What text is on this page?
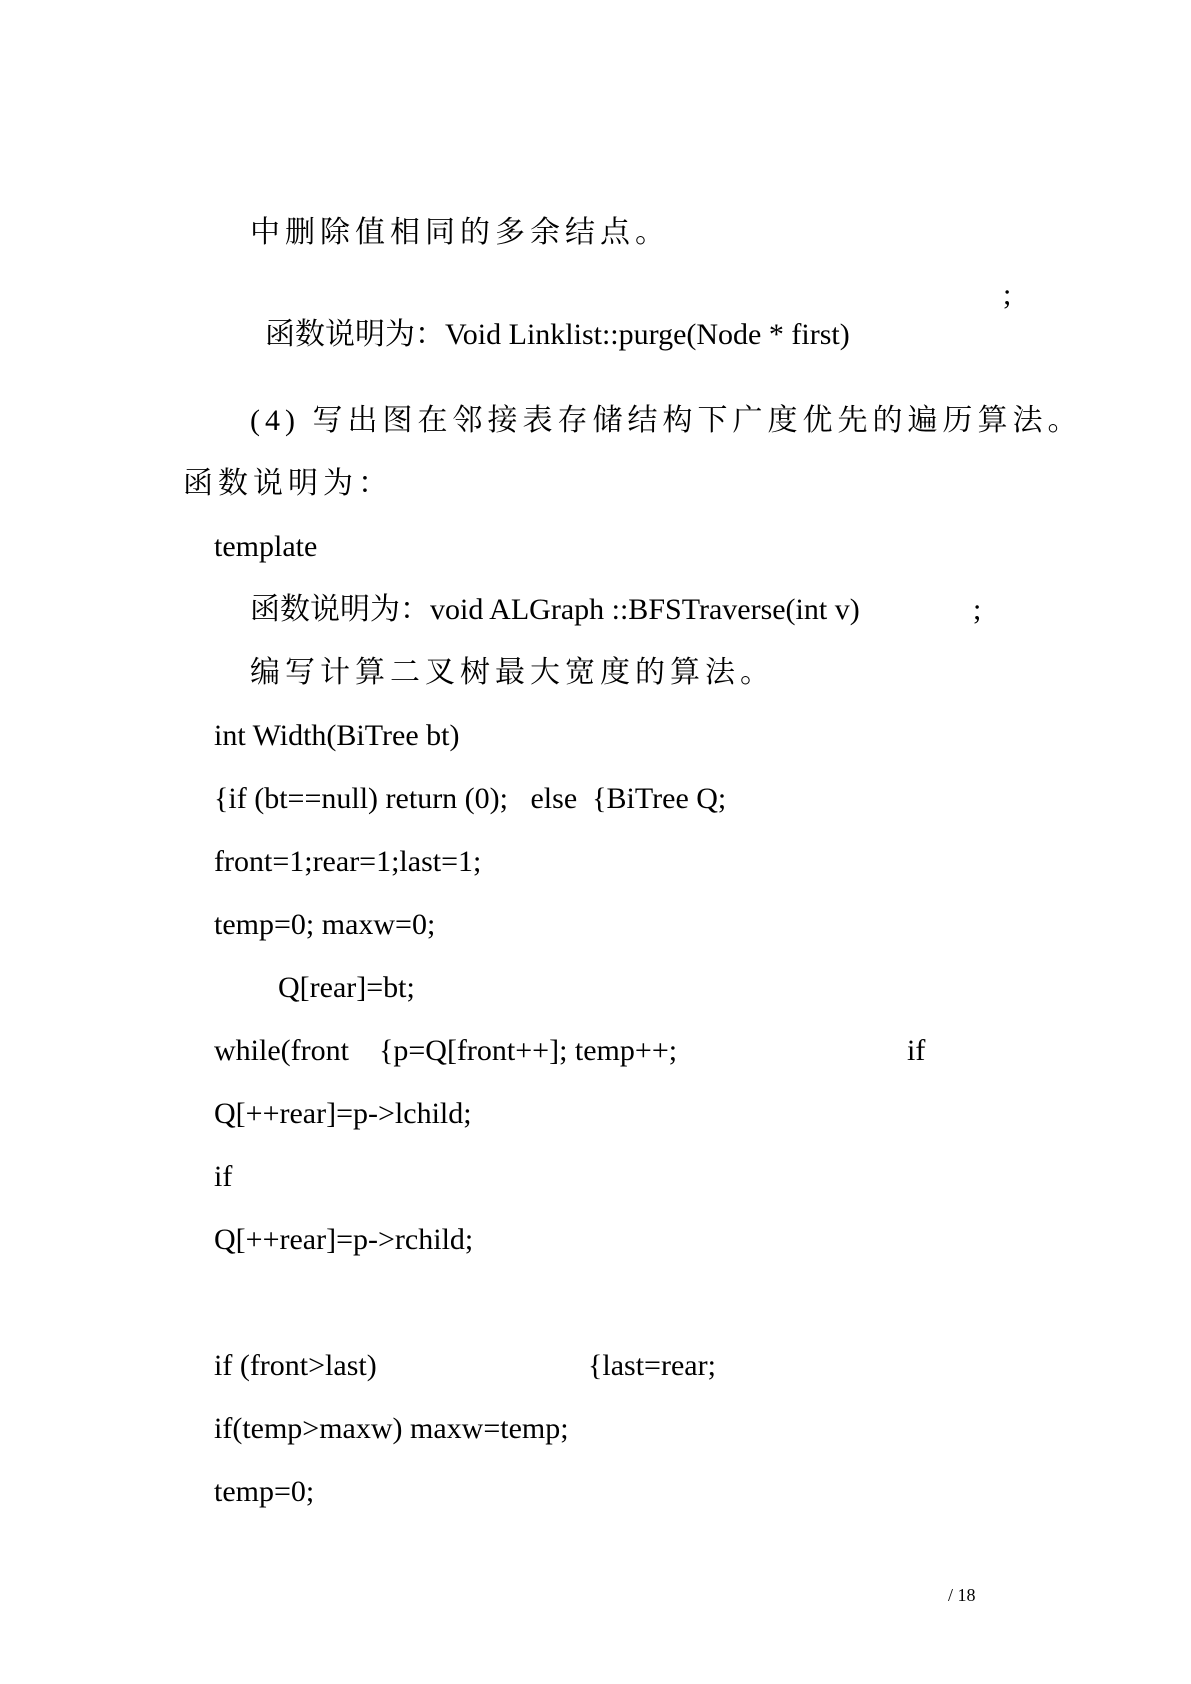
中删除值相同的多余结点。

函数说明为：Void Linklist::purge(Node * first)

;
(4) 写出图在邻接表存储结构下广度优先的遍历算法。
函数说明为：
template
函数说明为：void ALGraph ::BFSTraverse(int v)	;
编写计算二叉树最大宽度的算法。
int Width(BiTree bt)
{if (bt==null) return (0);   else  {BiTree Q;
front=1;rear=1;last=1;
temp=0; maxw=0;
Q[rear]=bt;
while(front    {p=Q[front++]; temp++;	if
Q[++rear]=p->lchild;
if
Q[++rear]=p->rchild;
if (front>last)	{last=rear;
if(temp>maxw) maxw=temp;
temp=0;
/ 18
